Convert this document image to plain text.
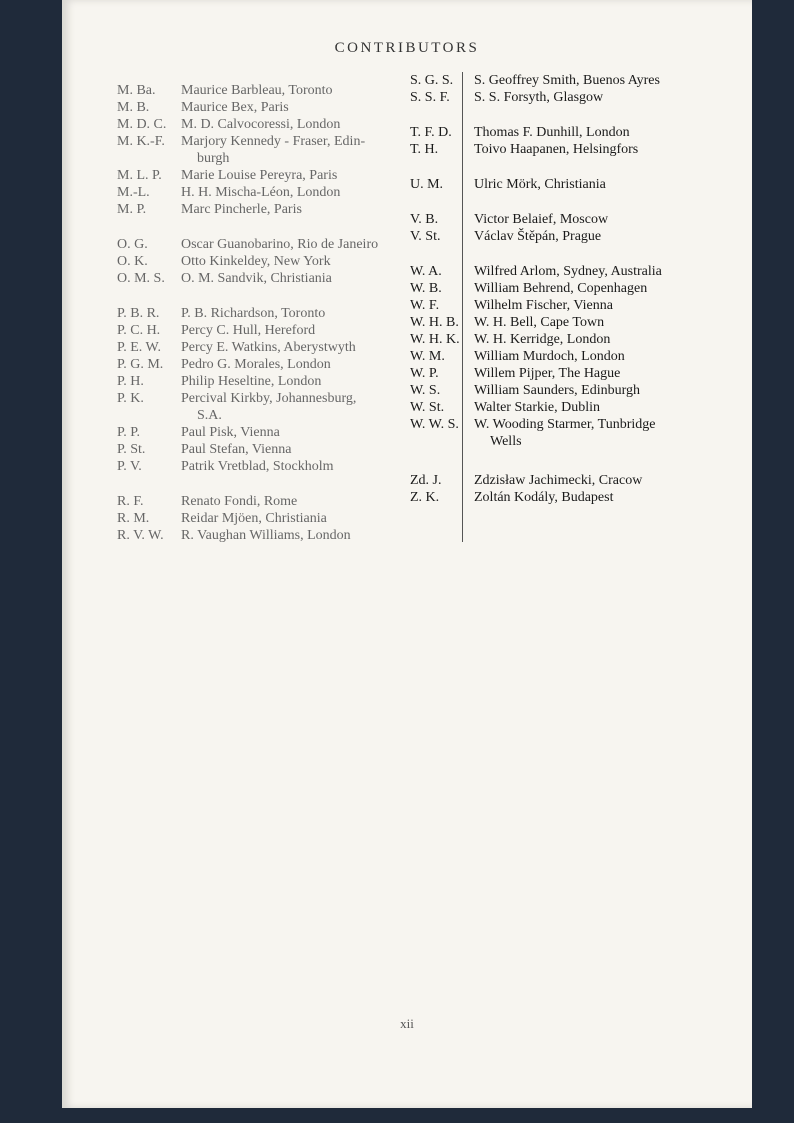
CONTRIBUTORS
M. Ba.	Maurice Barbleau, Toronto
M. B.	Maurice Bex, Paris
M. D. C.	M. D. Calvocoressi, London
M. K.-F.	Marjory Kennedy - Fraser, Edin-
burgh
M. L. P.	Marie Louise Pereyra, Paris
M.-L.	H. H. Mischa-Léon, London
M. P.	Marc Pincherle, Paris
O. G.	Oscar Guanobarino, Rio de Janeiro
O. K.	Otto Kinkeldey, New York
O. M. S.	O. M. Sandvik, Christiania
P. B. R.	P. B. Richardson, Toronto
P. C. H.	Percy C. Hull, Hereford
P. E. W.	Percy E. Watkins, Aberystwyth
P. G. M.	Pedro G. Morales, London
P. H.	Philip Heseltine, London
P. K.	Percival Kirkby, Johannesburg,
S.A.
P. P.	Paul Pisk, Vienna
P. St.	Paul Stefan, Vienna
P. V.	Patrik Vretblad, Stockholm
R. F.	Renato Fondi, Rome
R. M.	Reidar Mjöen, Christiania
R. V. W.	R. Vaughan Williams, London
S. G. S.	S. Geoffrey Smith, Buenos Ayres
S. S. F.	S. S. Forsyth, Glasgow
T. F. D.	Thomas F. Dunhill, London
T. H.	Toivo Haapanen, Helsingfors
U. M.	Ulric Mörk, Christiania
V. B.	Victor Belaief, Moscow
V. St.	Václav Štěpán, Prague
W. A.	Wilfred Arlom, Sydney, Australia
W. B.	William Behrend, Copenhagen
W. F.	Wilhelm Fischer, Vienna
W. H. B.	W. H. Bell, Cape Town
W. H. K.	W. H. Kerridge, London
W. M.	William Murdoch, London
W. P.	Willem Pijper, The Hague
W. S.	William Saunders, Edinburgh
W. St.	Walter Starkie, Dublin
W. W. S.	W. Wooding Starmer, Tunbridge
Wells
Zd. J.	Zdzisław Jachimecki, Cracow
Z. K.	Zoltán Kodály, Budapest
xii
